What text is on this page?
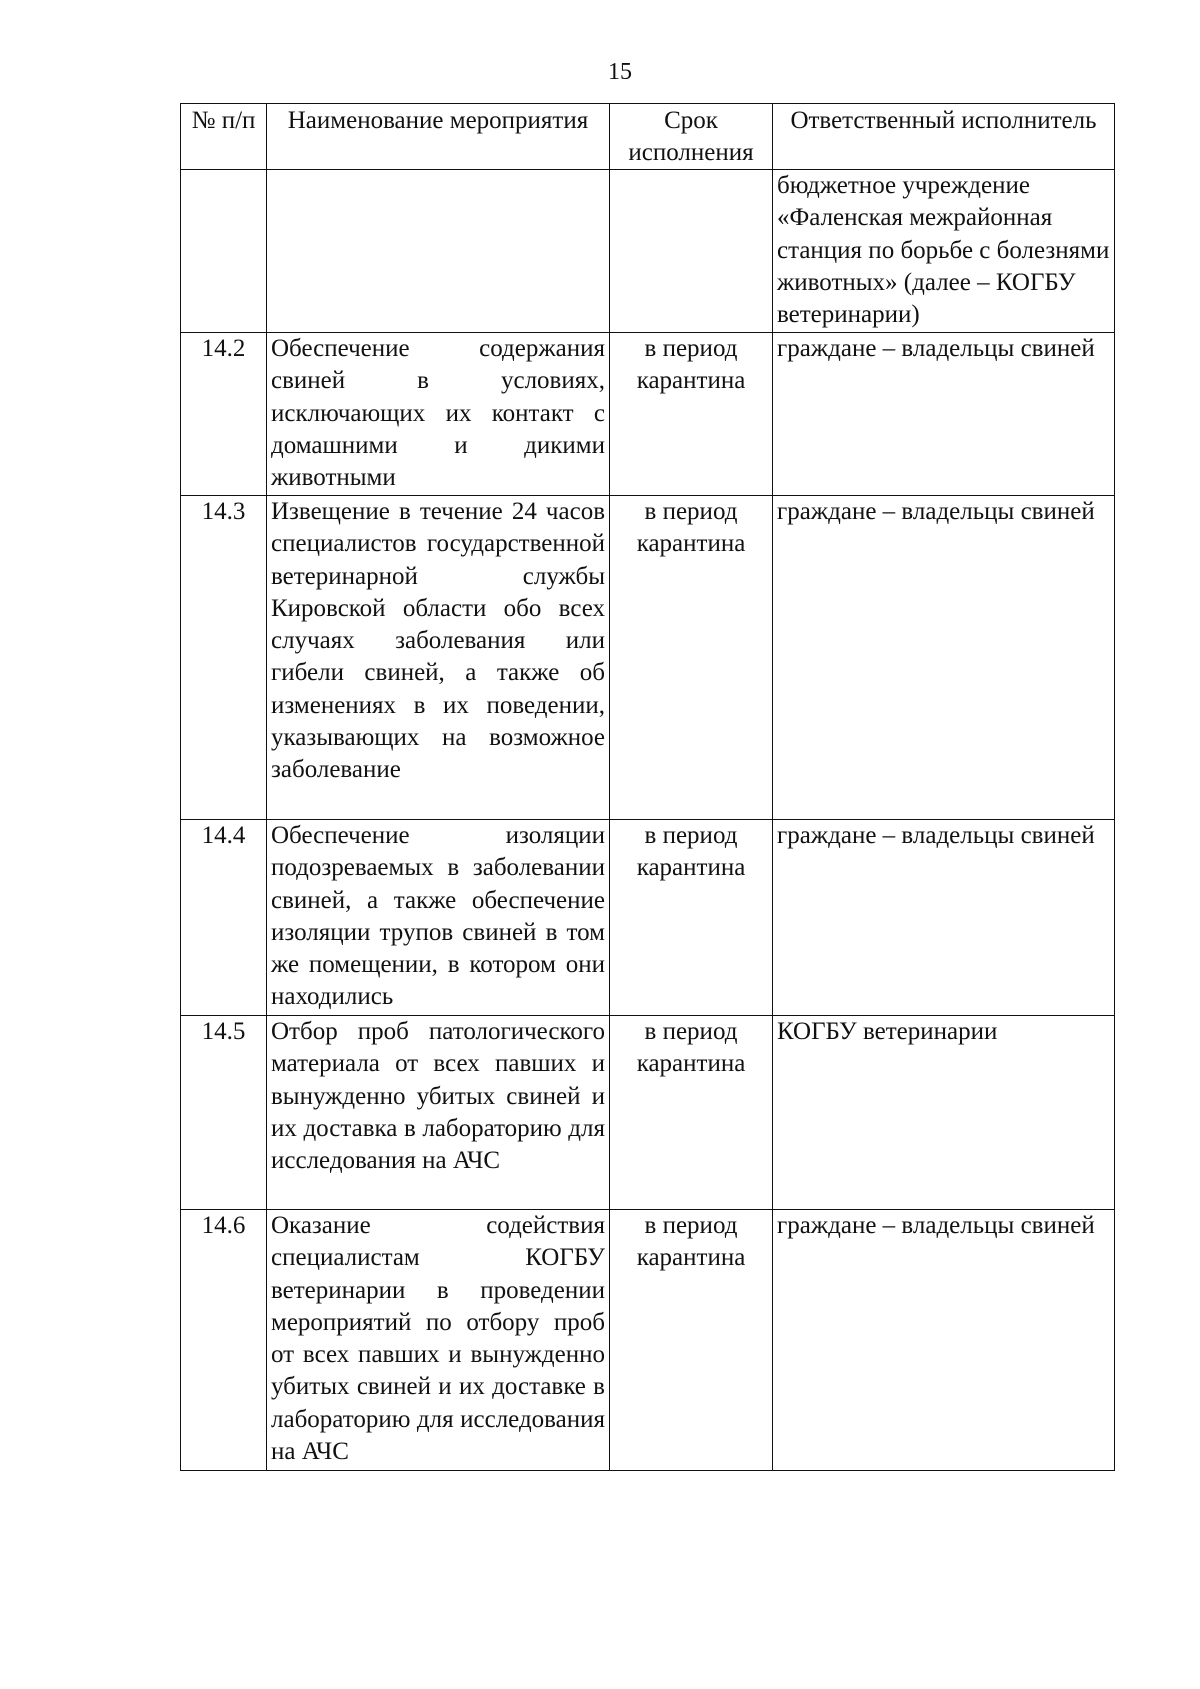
15
№ п/п	Наименование мероприятия	Срок исполнения	Ответственный исполнитель
			бюджетное учреждение «Фаленская межрайонная станция по борьбе с болезнями животных» (далее – КОГБУ ветеринарии)
14.2	Обеспечение содержания свиней в условиях, исключающих их контакт с домашними и дикими животными	в период карантина	граждане – владельцы свиней
14.3	Извещение в течение 24 часов специалистов государственной ветеринарной службы Кировской области обо всех случаях заболевания или гибели свиней, а также об изменениях в их поведении, указывающих на возможное заболевание	в период карантина	граждане – владельцы свиней
14.4	Обеспечение изоляции подозреваемых в заболевании свиней, а также обеспечение изоляции трупов свиней в том же помещении, в котором они находились	в период карантина	граждане – владельцы свиней
14.5	Отбор проб патологического материала от всех павших и вынужденно убитых свиней и их доставка в лабораторию для исследования на АЧС	в период карантина	КОГБУ ветеринарии
14.6	Оказание содействия специалистам КОГБУ ветеринарии в проведении мероприятий по отбору проб от всех павших и вынужденно убитых свиней и их доставке в лабораторию для исследования на АЧС	в период карантина	граждане – владельцы свиней
